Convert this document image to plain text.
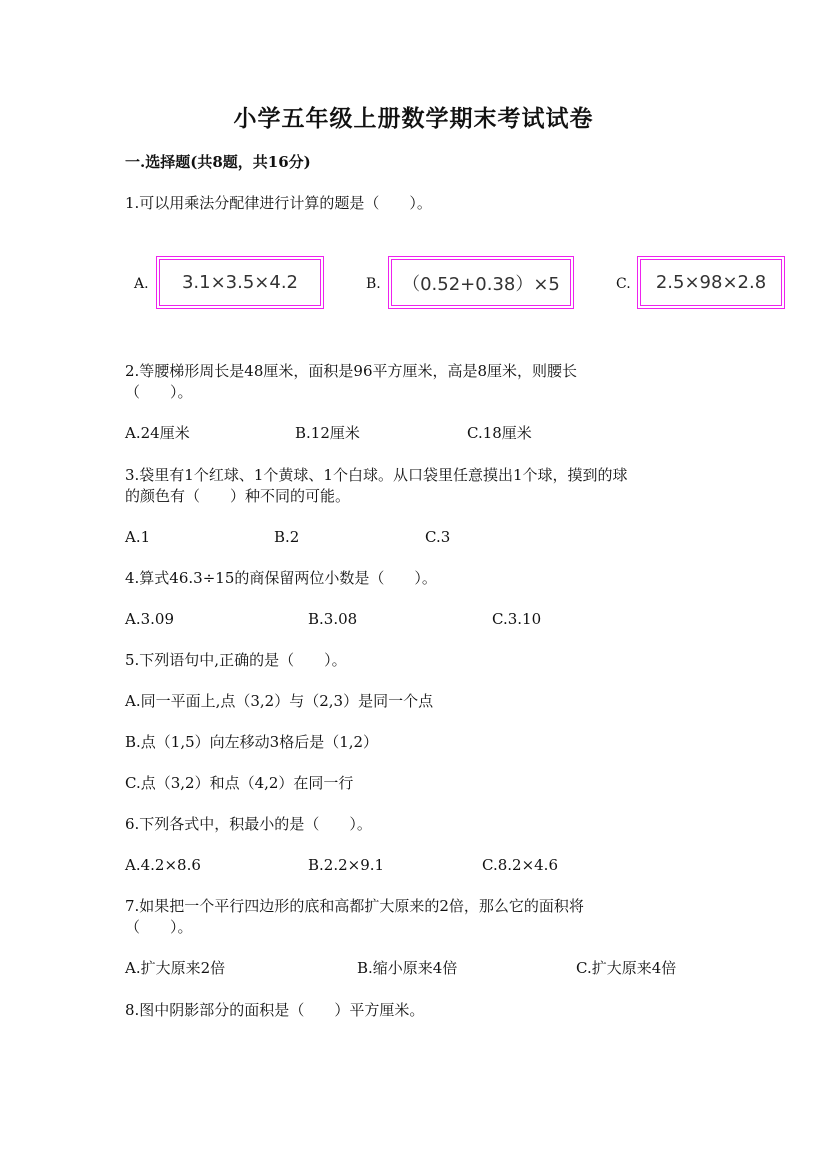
小学五年级上册数学期末考试试卷
一.选择题(共8题，共16分)
1.可以用乘法分配律进行计算的题是（　　）。
A. 3.1×3.5×4.2	B. （0.52+0.38）×5	C. 2.5×98×2.8
2.等腰梯形周长是48厘米，面积是96平方厘米，高是8厘米，则腰长
（　　）。
A.24厘米	B.12厘米	C.18厘米
3.袋里有1个红球、1个黄球、1个白球。从口袋里任意摸出1个球，摸到的球
的颜色有（　　）种不同的可能。
A.1	B.2	C.3
4.算式46.3÷15的商保留两位小数是（　　）。
A.3.09	B.3.08	C.3.10
5.下列语句中,正确的是（　　）。
A.同一平面上,点（3,2）与（2,3）是同一个点
B.点（1,5）向左移动3格后是（1,2）
C.点（3,2）和点（4,2）在同一行
6.下列各式中，积最小的是（　　）。
A.4.2×8.6	B.2.2×9.1	C.8.2×4.6
7.如果把一个平行四边形的底和高都扩大原来的2倍，那么它的面积将
（　　）。
A.扩大原来2倍	B.缩小原来4倍	C.扩大原来4倍
8.图中阴影部分的面积是（　　）平方厘米。
